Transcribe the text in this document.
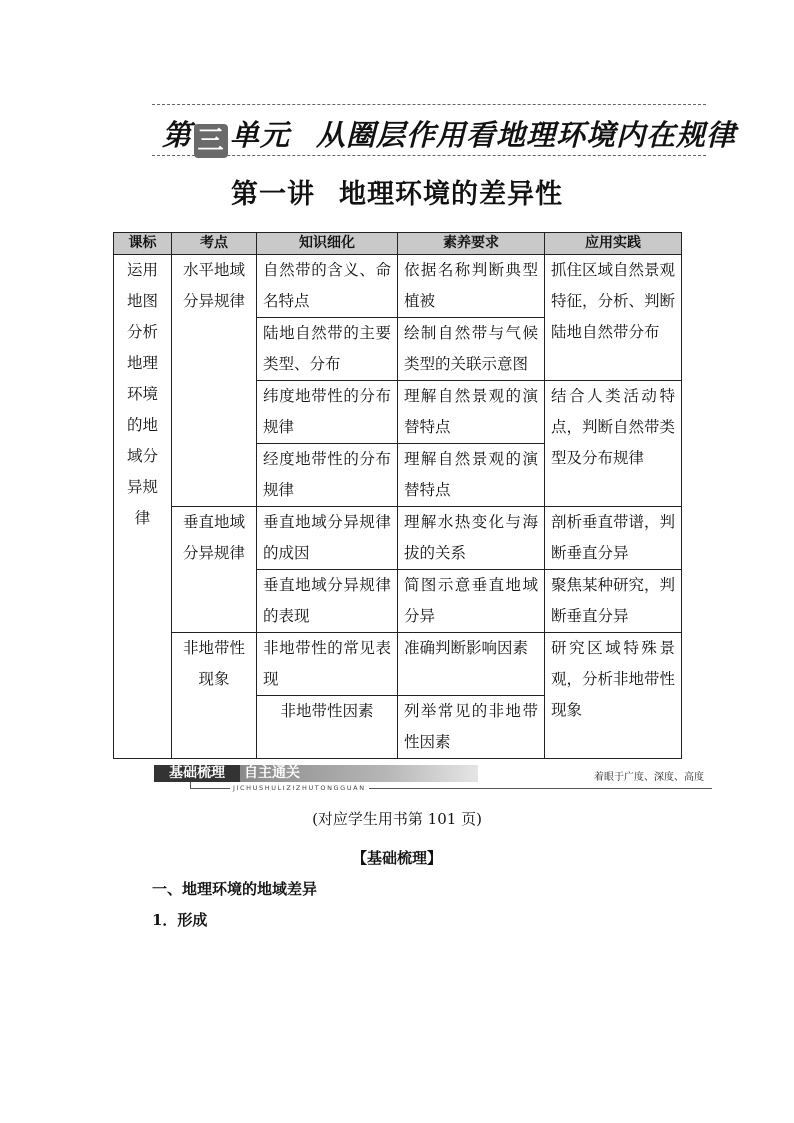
第 三 单元 从圈层作用看地理环境内在规律
第一讲 地理环境的差异性
课标	考点	知识细化	素养要求	应用实践

运用地图分析地理环境的地域分异规律	水平地域分异规律	自然带的含义、命名特点	依据名称判断典型植被	抓住区域自然景观特征，分析、判断陆地自然带分布
		陆地自然带的主要类型、分布	绘制自然带与气候类型的关联示意图	
		纬度地带性的分布规律	理解自然景观的演替特点	结合人类活动特点，判断自然带类型及分布规律
		经度地带性的分布规律	理解自然景观的演替特点	

	垂直地域分异规律	垂直地域分异规律的成因	理解水热变化与海拔的关系	剖析垂直带谱，判断垂直分异
		垂直地域分异规律的表现	简图示意垂直地域分异	聚焦某种研究，判断垂直分异

	非地带性现象	非地带性的常见表现	准确判断影响因素	研究区域特殊景观，分析非地带性现象
		非地带性因素	列举常见的非地带性因素	
基础梳理	自主通关
JICHUSHULIZIZHUTONGGUAN
着眼于广度、深度、高度
(对应学生用书第 101 页)
【基础梳理】
一、地理环境的地域差异
1．形成
